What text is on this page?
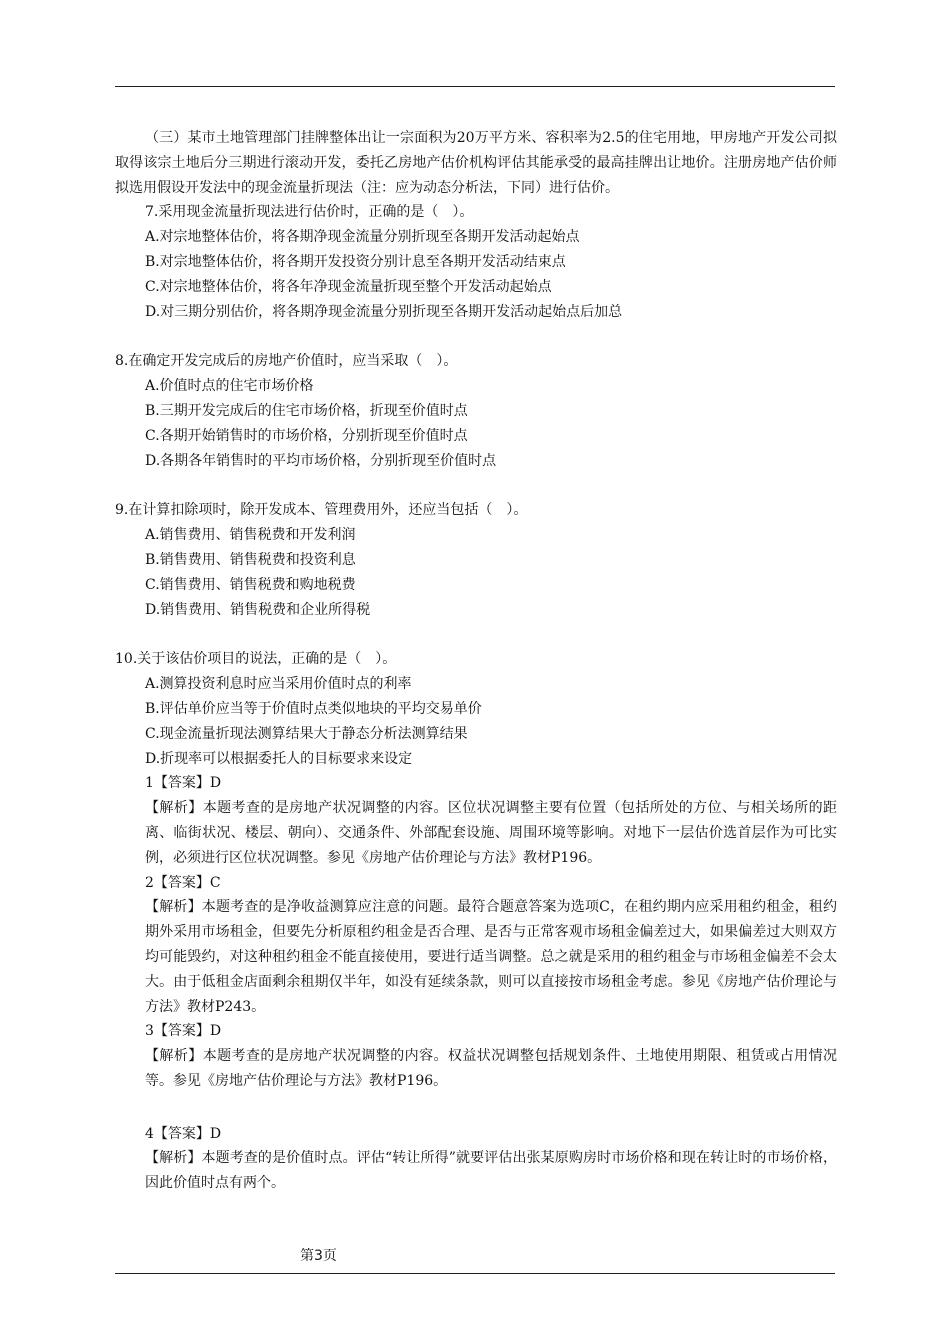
（三）某市土地管理部门挂牌整体出让一宗面积为20万平方米、容积率为2.5的住宅用地，甲房地产开发公司拟取得该宗土地后分三期进行滚动开发，委托乙房地产估价机构评估其能承受的最高挂牌出让地价。注册房地产估价师拟选用假设开发法中的现金流量折现法（注：应为动态分析法，下同）进行估价。

7.采用现金流量折现法进行估价时，正确的是（　）。

A.对宗地整体估价，将各期净现金流量分别折现至各期开发活动起始点

B.对宗地整体估价，将各期开发投资分别计息至各期开发活动结束点

C.对宗地整体估价，将各年净现金流量折现至整个开发活动起始点

D.对三期分别估价，将各期净现金流量分别折现至各期开发活动起始点后加总

8.在确定开发完成后的房地产价值时，应当采取（　）。

A.价值时点的住宅市场价格

B.三期开发完成后的住宅市场价格，折现至价值时点

C.各期开始销售时的市场价格，分别折现至价值时点

D.各期各年销售时的平均市场价格，分别折现至价值时点

9.在计算扣除项时，除开发成本、管理费用外，还应当包括（　）。

A.销售费用、销售税费和开发利润

B.销售费用、销售税费和投资利息

C.销售费用、销售税费和购地税费

D.销售费用、销售税费和企业所得税

10.关于该估价项目的说法，正确的是（　）。

A.测算投资利息时应当采用价值时点的利率

B.评估单价应当等于价值时点类似地块的平均交易单价

C.现金流量折现法测算结果大于静态分析法测算结果

D.折现率可以根据委托人的目标要求来设定

1【答案】D

【解析】本题考查的是房地产状况调整的内容。区位状况调整主要有位置（包括所处的方位、与相关场所的距离、临街状况、楼层、朝向）、交通条件、外部配套设施、周围环境等影响。对地下一层估价选首层作为可比实例，必须进行区位状况调整。参见《房地产估价理论与方法》教材P196。

2【答案】C

【解析】本题考查的是净收益测算应注意的问题。最符合题意答案为选项C，在租约期内应采用租约租金，租约期外采用市场租金，但要先分析原租约租金是否合理、是否与正常客观市场租金偏差过大，如果偏差过大则双方均可能毁约，对这种租约租金不能直接使用，要进行适当调整。总之就是采用的租约租金与市场租金偏差不会太大。由于低租金店面剩余租期仅半年，如没有延续条款，则可以直接按市场租金考虑。参见《房地产估价理论与方法》教材P243。

3【答案】D

【解析】本题考查的是房地产状况调整的内容。权益状况调整包括规划条件、土地使用期限、租赁或占用情况等。参见《房地产估价理论与方法》教材P196。

4【答案】D

【解析】本题考查的是价值时点。评估“转让所得”就要评估出张某原购房时市场价格和现在转让时的市场价格，因此价值时点有两个。

第3页
